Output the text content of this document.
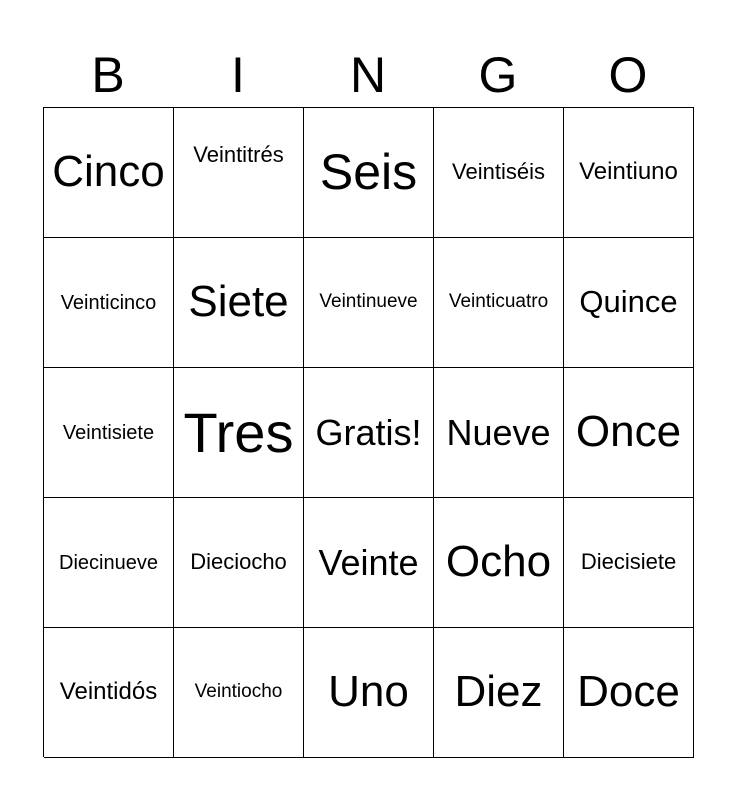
B	I	N	G	O
Cinco Veintitrés Seis Veintiséis Veintiuno
Veinticinco Siete Veintinueve Veinticuatro Quince
Veintisiete Tres Gratis! Nueve Once
Diecinueve Dieciocho Veinte Ocho Diecisiete
Veintidós Veintiocho Uno Diez Doce
